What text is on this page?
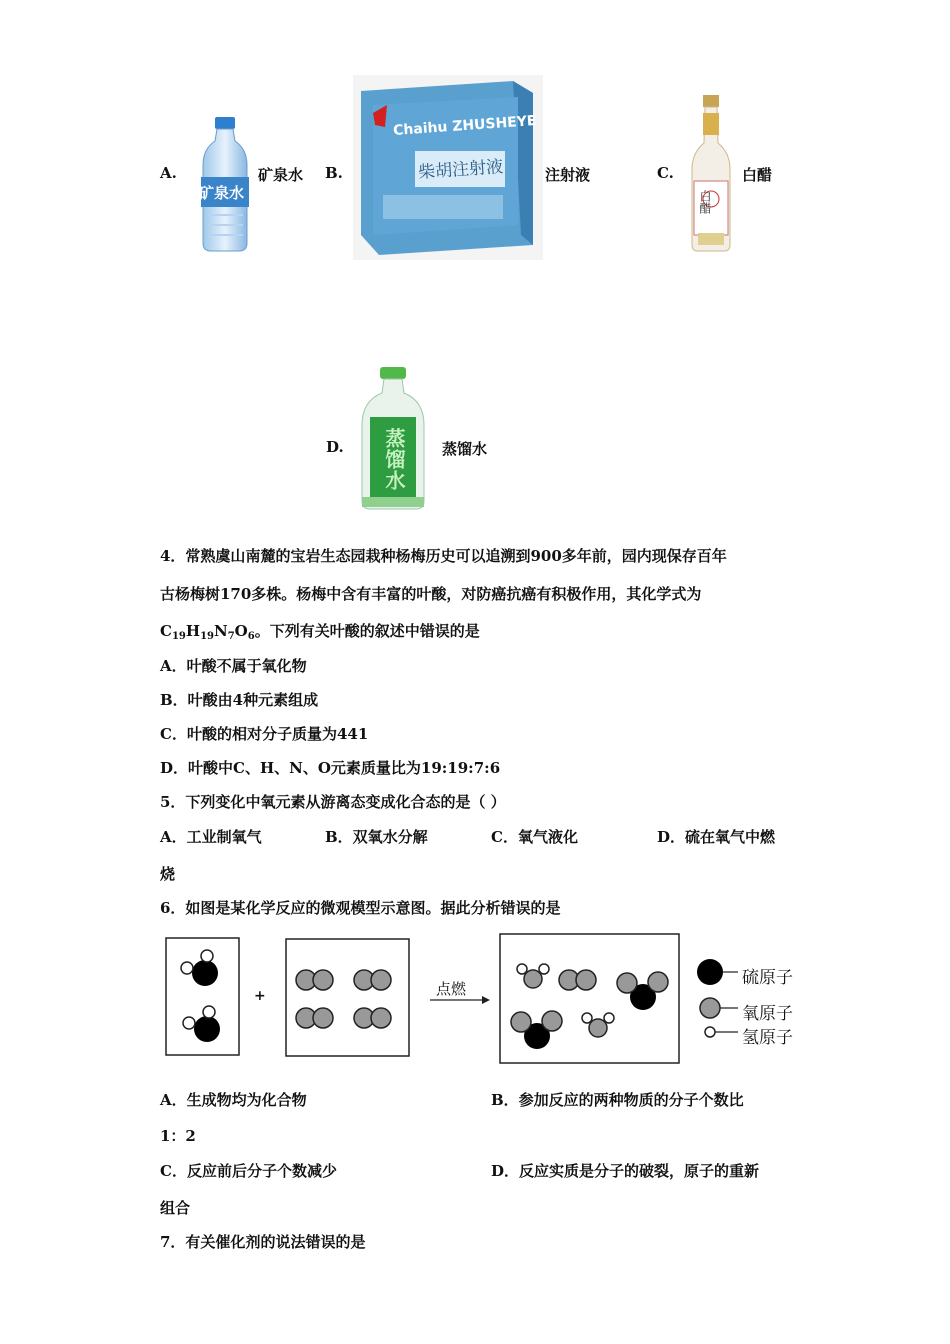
A.
矿泉水
矿泉水 B.
Chaihu ZHUSHEYE
柴胡注射液	注射液	C.
白醋
白醋
D. 蒸馏水 蒸馏水
4．常熟虞山南麓的宝岩生态园栽种杨梅历史可以追溯到900多年前，园内现保存百年
古杨梅树170多株。杨梅中含有丰富的叶酸，对防癌抗癌有积极作用，其化学式为
$C_{19}H_{19}N_7O_6$。下列有关叶酸的叙述中错误的是
A．叶酸不属于氧化物
B．叶酸由4种元素组成
C．叶酸的相对分子质量为441
D．叶酸中C、H、N、O元素质量比为19:19:7:6
5．下列变化中氧元素从游离态变成化合态的是（ ）
A．工业制氧气	B．双氧水分解	C．氧气液化	D．硫在氧气中燃
烧
6．如图是某化学反应的微观模型示意图。据此分析错误的是
+	点燃
硫原子
氧原子
氢原子
A．生成物均为化合物	B．参加反应的两种物质的分子个数比
1：2
C．反应前后分子个数减少	D．反应实质是分子的破裂，原子的重新
组合
7．有关催化剂的说法错误的是
